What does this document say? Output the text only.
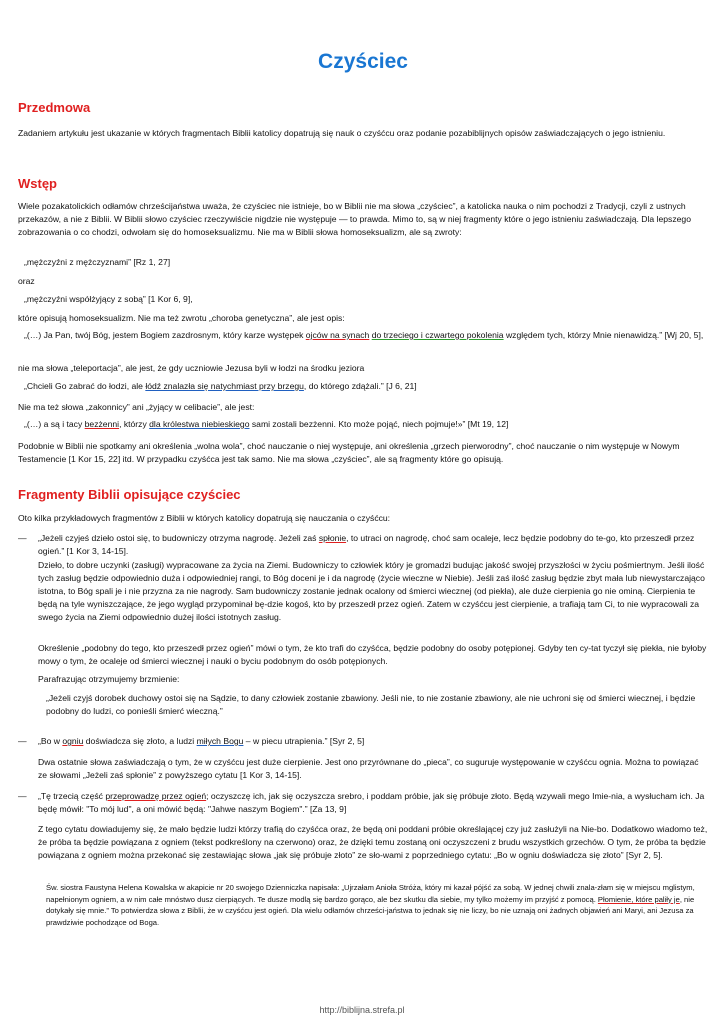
Czyściec
Przedmowa

Zadaniem artykułu jest ukazanie w których fragmentach Biblii katolicy dopatrują się nauk o czyśćcu oraz podanie pozabiblijnych opisów zaświadczających o jego istnieniu.

Wstęp

Wiele pozakatolickich odłamów chrześcijaństwa uważa, że czyściec nie istnieje, bo w Biblii nie ma słowa „czyściec”, a katolicka nauka o nim pochodzi z Tradycji, czyli z ustnych przekazów, a nie z Biblii. W Biblii słowo czyściec rzeczywiście nigdzie nie występuje — to prawda. Mimo to, są w niej fragmenty które o jego istnieniu zaświadczają. Dla lepszego zobrazowania o co chodzi, odwołam się do homoseksualizmu. Nie ma w Biblii słowa homoseksualizm, ale są zwroty:

„mężczyźni z mężczyznami” [Rz 1, 27]

oraz

„mężczyźni współżyjący z sobą” [1 Kor 6, 9],

które opisują homoseksualizm. Nie ma też zwrotu „choroba genetyczna”, ale jest opis:

„(…) Ja Pan, twój Bóg, jestem Bogiem zazdrosnym, który karze występek ojców na synach do trzeciego i czwartego pokolenia względem tych, którzy Mnie nienawidzą.” [Wj 20, 5],

nie ma słowa „teleportacja”, ale jest, że gdy uczniowie Jezusa byli w łodzi na środku jeziora

„Chcieli Go zabrać do łodzi, ale łódź znalazła się natychmiast przy brzegu, do którego zdążali.” [J 6, 21]

Nie ma też słowa „zakonnicy” ani „żyjący w celibacie”, ale jest:

„(…) a są i tacy bezżenni, którzy dla królestwa niebieskiego sami zostali bezżenni. Kto może pojąć, niech pojmuje!»” [Mt 19, 12]

Podobnie w Biblii nie spotkamy ani określenia „wolna wola”, choć nauczanie o niej występuje, ani określenia „grzech pierworodny”, choć nauczanie o nim występuje w Nowym Testamencie [1 Kor 15, 22] itd. W przypadku czyśćca jest tak samo. Nie ma słowa „czyściec”, ale są fragmenty które go opisują.

Fragmenty Biblii opisujące czyściec

Oto kilka przykładowych fragmentów z Biblii w których katolicy dopatrują się nauczania o czyśćcu:

—	„Jeżeli czyjeś dzieło ostoi się, to budowniczy otrzyma nagrodę. Jeżeli zaś spłonie, to utraci on nagrodę, choć sam ocaleje, lecz będzie podobny do te-go, kto przeszedł przez ogień.” [1 Kor 3, 14-15].

Dzieło, to dobre uczynki (zasługi) wypracowane za życia na Ziemi. Budowniczy to człowiek który je gromadzi budując jakość swojej przyszłości w życiu pośmiertnym. Jeśli ilość tych zasług będzie odpowiednio duża i odpowiedniej rangi, to Bóg doceni je i da nagrodę (życie wieczne w Niebie). Jeśli zaś ilość zasług będzie zbyt mała lub niewystarczająco istotna, to Bóg spali je i nie przyzna za nie nagrody. Sam budowniczy zostanie jednak ocalony od śmierci wiecznej (od piekła), ale duże cierpienia go nie ominą. Cierpienia te będą na tyle wyniszczające, że jego wygląd przypominał bę-dzie kogoś, kto by przeszedł przez ogień. Zatem w czyśćcu jest cierpienie, a trafiają tam Ci, to nie wypracowali za swego życia na Ziemi odpowiednio dużej ilości istotnych zasług.

Określenie „podobny do tego, kto przeszedł przez ogień” mówi o tym, że kto trafi do czyśćca, będzie podobny do osoby potępionej. Gdyby ten cy-tat tyczył się piekła, nie byłoby mowy o tym, że ocaleje od śmierci wiecznej i nauki o byciu podobnym do osób potępionych.

Parafrazując otrzymujemy brzmienie:

„Jeżeli czyjś dorobek duchowy ostoi się na Sądzie, to dany człowiek zostanie zbawiony. Jeśli nie, to nie zostanie zbawiony, ale nie uchroni się od śmierci wiecznej, i będzie podobny do ludzi, co ponieśli śmierć wieczną.”

—	„Bo w ogniu doświadcza się złoto, a ludzi miłych Bogu – w piecu utrapienia.” [Syr 2, 5]

Dwa ostatnie słowa zaświadczają o tym, że w czyśćcu jest duże cierpienie. Jest ono przyrównane do „pieca”, co suguruje występowanie w czyśćcu ognia. Można to powiązać ze słowami „Jeżeli zaś spłonie” z powyższego cytatu [1 Kor 3, 14-15].

—	„Tę trzecią część przeprowadzę przez ogień; oczyszczę ich, jak się oczyszcza srebro, i poddam próbie, jak się próbuje złoto. Będą wzywali mego Imie-nia, a wysłucham ich. Ja będę mówił: "To mój lud", a oni mówić będą: "Jahwe naszym Bogiem".” [Za 13, 9]

Z tego cytatu dowiadujemy się, że mało będzie ludzi którzy trafią do czyśćca oraz, że będą oni poddani próbie określającej czy już zasłużyli na Nie-bo. Dodatkowo wiadomo też, że próba ta będzie powiązana z ogniem (tekst podkreślony na czerwono) oraz, że dzięki temu zostaną oni oczyszczeni z brudu wszystkich grzechów. O tym, że próba ta będzie powiązana z ogniem można przekonać się zestawiając słowa „jak się próbuje złoto” ze sło-wami z poprzedniego cytatu: „Bo w ogniu doświadcza się złoto” [Syr 2, 5].

Św. siostra Faustyna Helena Kowalska w akapicie nr 20 swojego Dzienniczka napisała: „Ujrzałam Anioła Stróża, który mi kazał pójść za sobą. W jednej chwili znala-złam się w miejscu mglistym, napełnionym ogniem, a w nim całe mnóstwo dusz cierpiących. Te dusze modlą się bardzo gorąco, ale bez skutku dla siebie, my tylko możemy im przyjść z pomocą. Płomienie, które paliły je, nie dotykały się mnie.” To potwierdza słowa z Biblii, że w czyśćcu jest ogień. Dla wielu odłamów chrześci-jaństwa to jednak się nie liczy, bo nie uznają oni żadnych objawień ani Maryi, ani Jezusa za prawdziwie pochodzące od Boga.

http://biblijna.strefa.pl
